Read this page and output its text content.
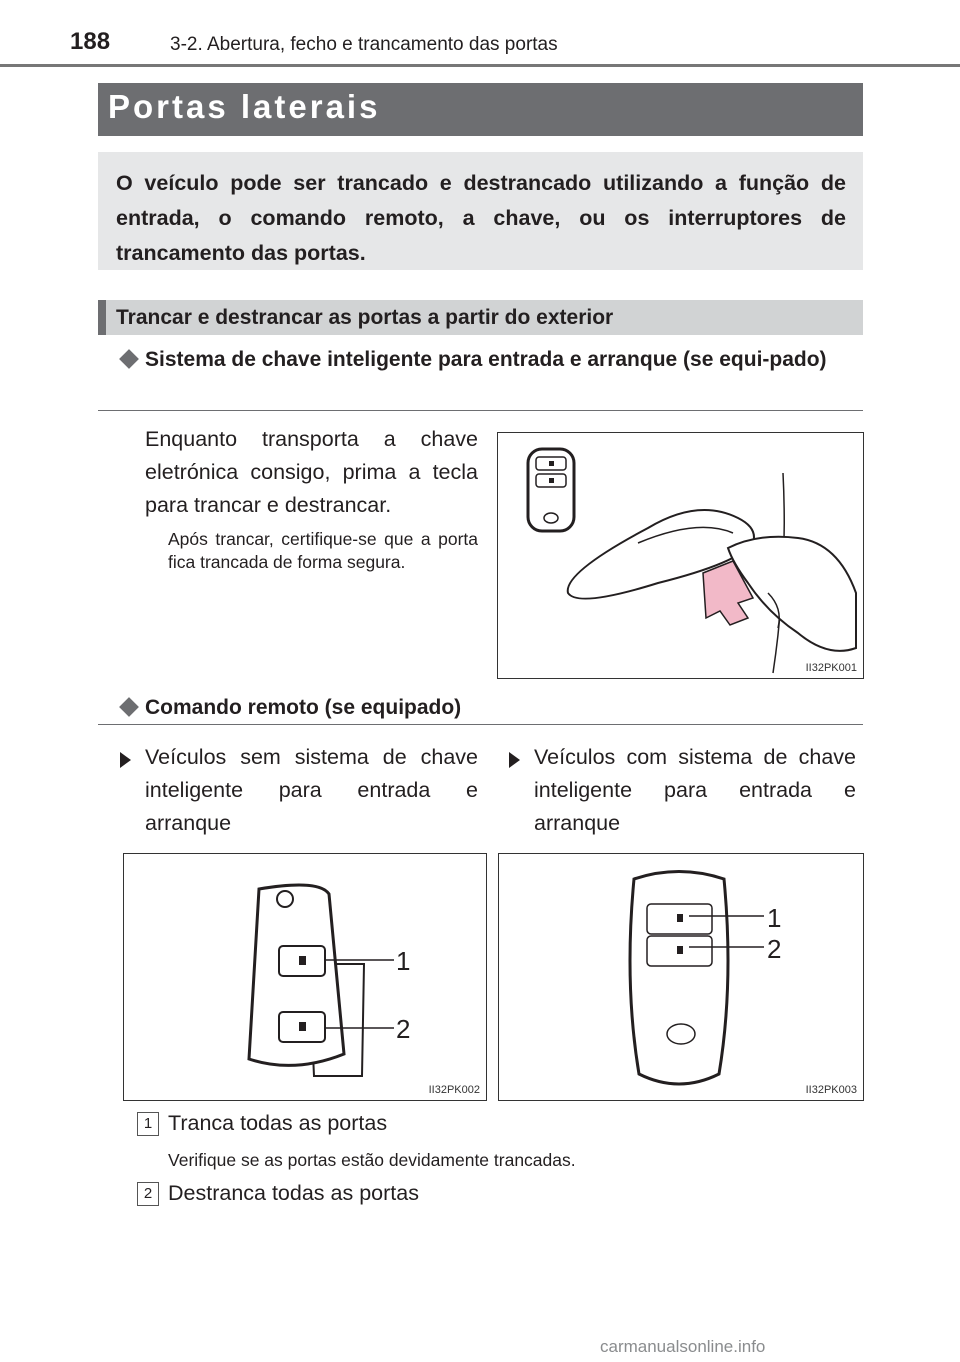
188	3-2. Abertura, fecho e trancamento das portas
Portas laterais
O veículo pode ser trancado e destrancado utilizando a função de entrada, o comando remoto, a chave, ou os interruptores de trancamento das portas.
Trancar e destrancar as portas a partir do exterior
Sistema de chave inteligente para entrada e arranque (se equi-pado)
Enquanto transporta a chave eletrónica consigo, prima a tecla para trancar e destrancar.
Após trancar, certifique-se que a porta fica trancada de forma segura.
II32PK001
Comando remoto (se equipado)
Veículos sem sistema de chave inteligente para entrada e arranque
Veículos com sistema de chave inteligente para entrada e arranque
1
2
II32PK002
1
2
II32PK003
1 Tranca todas as portas
Verifique se as portas estão devidamente trancadas.
2 Destranca todas as portas
carmanualsonline.info
